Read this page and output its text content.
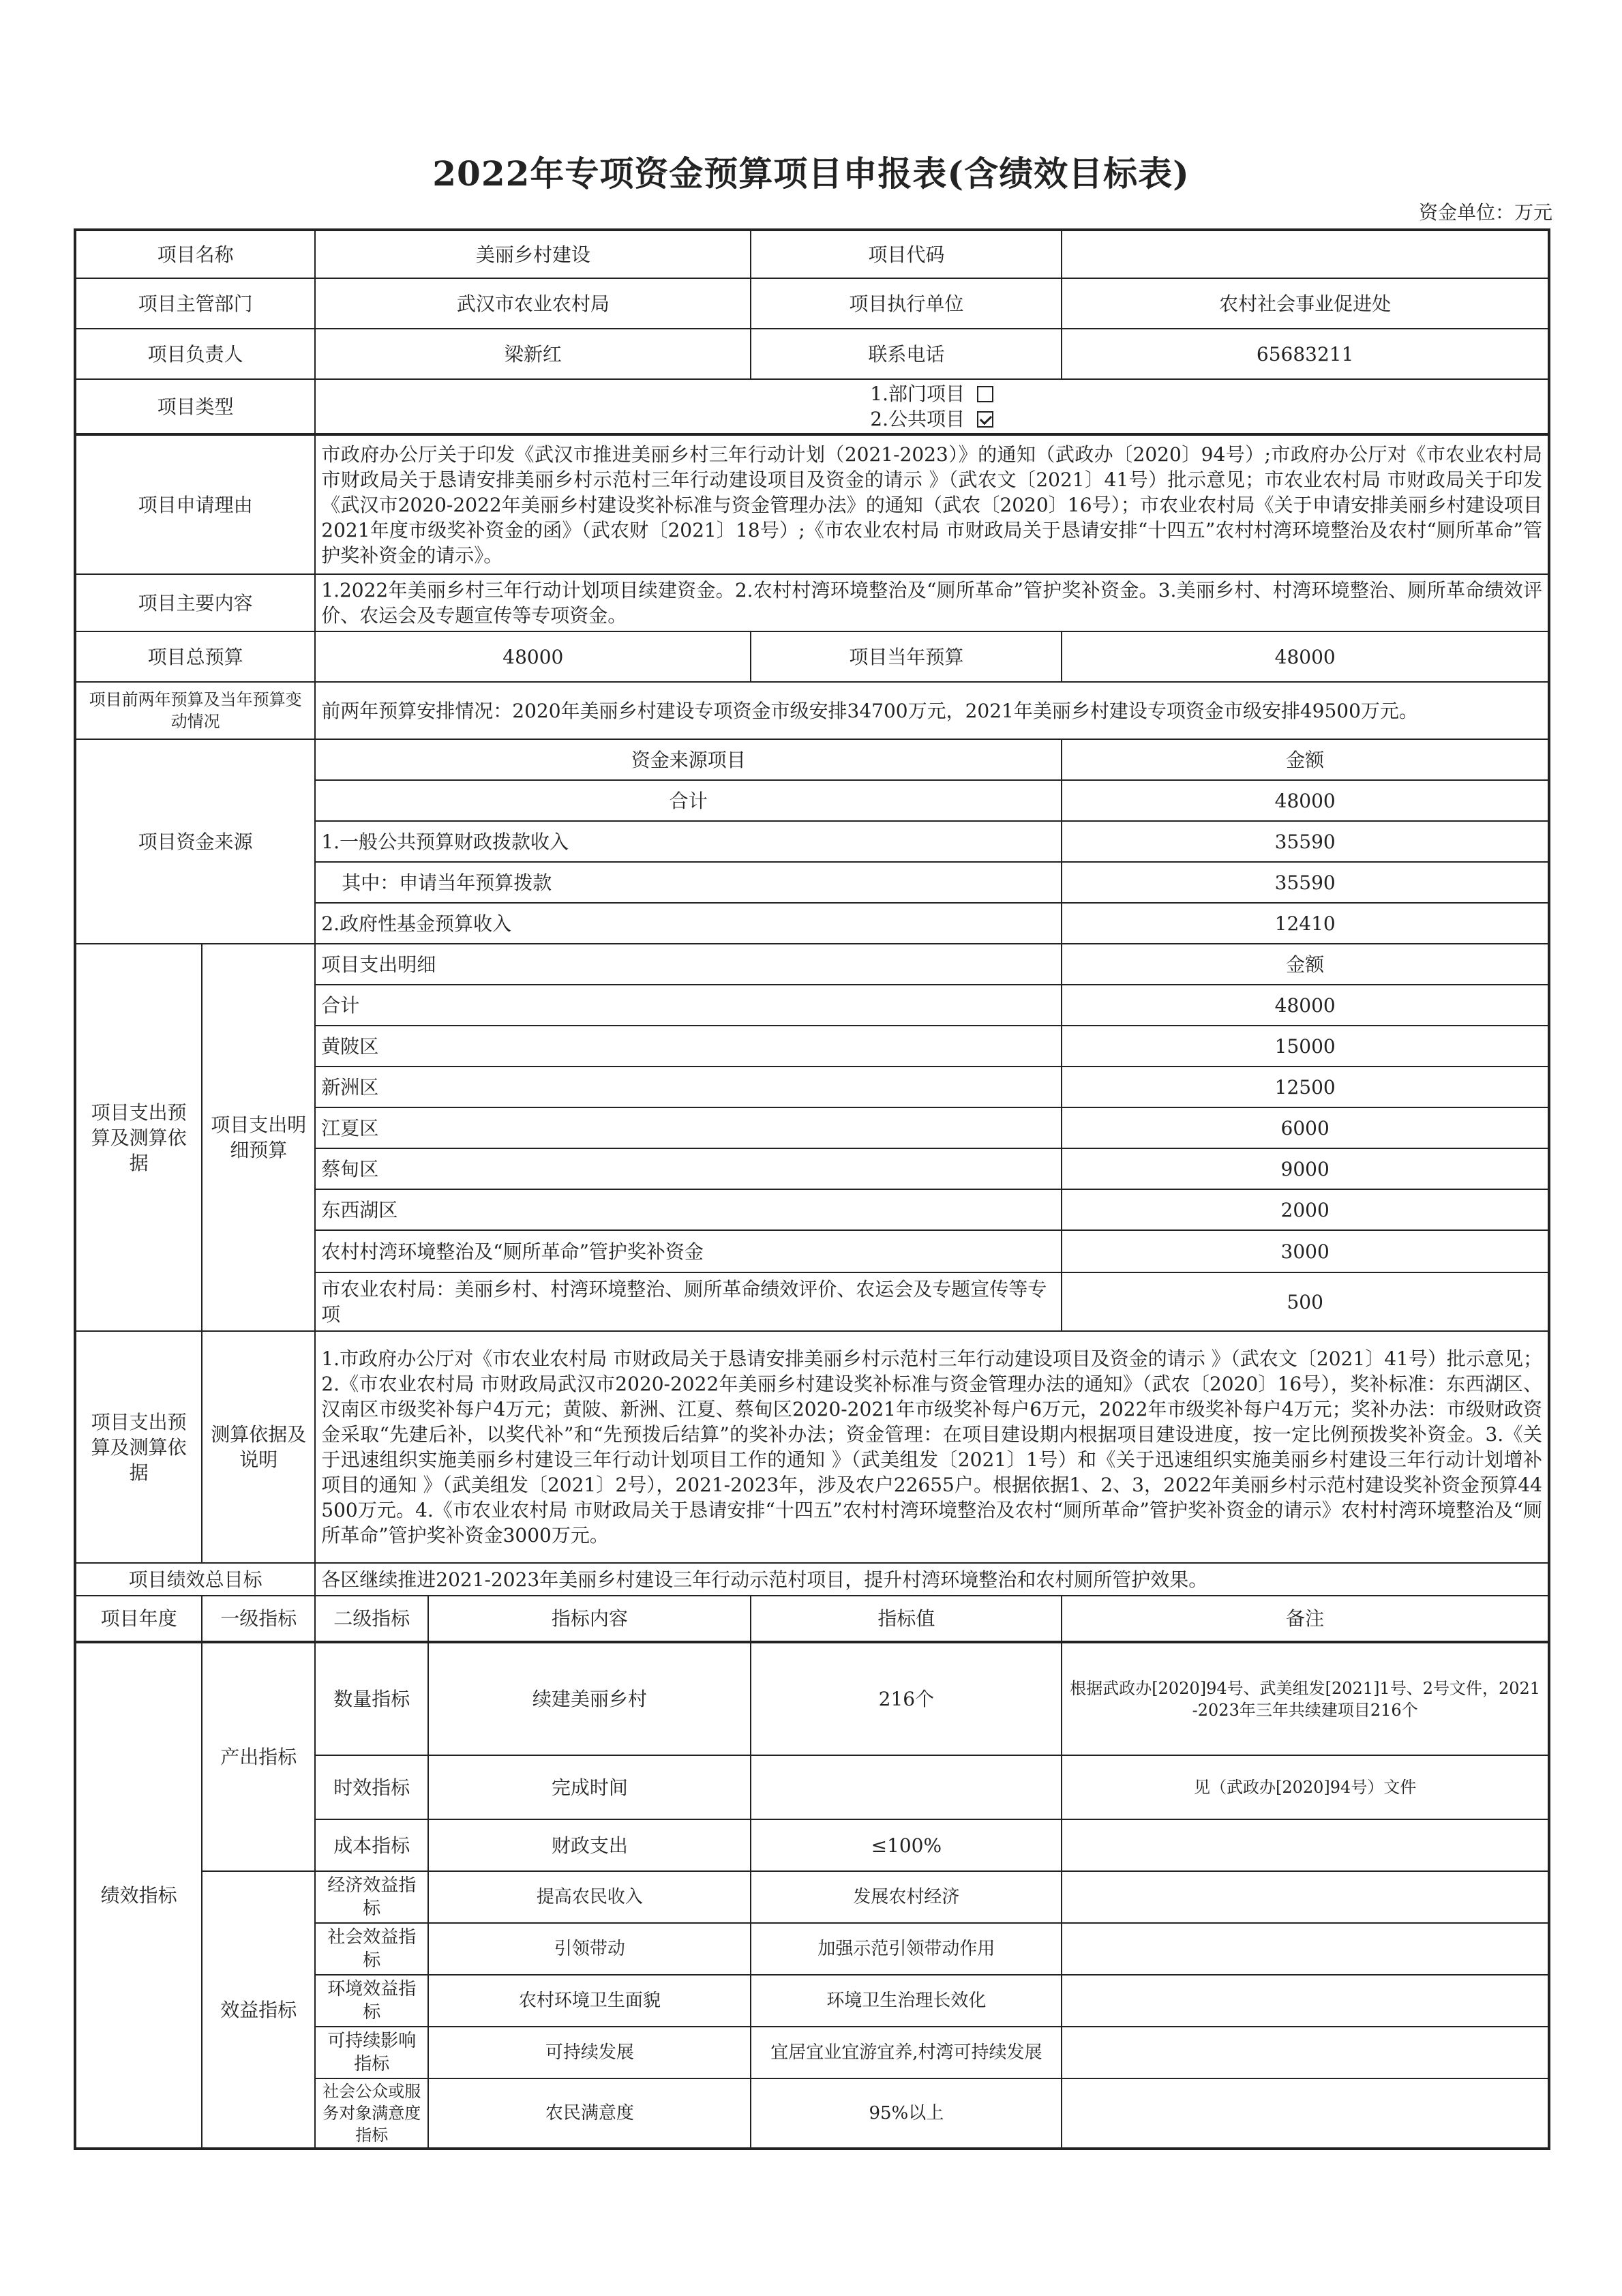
2022年专项资金预算项目申报表(含绩效目标表)
资金单位：万元
项目名称		美丽乡村建设		项目代码	
项目主管部门		武汉市农业农村局		项目执行单位	农村社会事业促进处
项目负责人		梁新红		联系电话	65683211
项目类型		1.部门项目2.公共项目			
项目申请理由		市政府办公厅关于印发《武汉市推进美丽乡村三年行动计划（2021-2023）》的通知（武政办〔2020〕94号）;市政府办公厅对《市农业农村局 市财政局关于恳请安排美丽乡村示范村三年行动建设项目及资金的请示 》（武农文〔2021〕41号）批示意见；市农业农村局 市财政局关于印发《武汉市2020-2022年美丽乡村建设奖补标准与资金管理办法》的通知（武农〔2020〕16号）；市农业农村局《关于申请安排美丽乡村建设项目2021年度市级奖补资金的函》（武农财〔2021〕18号）;《市农业农村局 市财政局关于恳请安排“十四五”农村村湾环境整治及农村“厕所革命”管护奖补资金的请示》。			
项目主要内容		1.2022年美丽乡村三年行动计划项目续建资金。2.农村村湾环境整治及“厕所革命”管护奖补资金。3.美丽乡村、村湾环境整治、厕所革命绩效评价、农运会及专题宣传等专项资金。			
项目总预算		48000		项目当年预算	48000
项目前两年预算及当年预算变动情况		前两年预算安排情况：2020年美丽乡村建设专项资金市级安排34700万元，2021年美丽乡村建设专项资金市级安排49500万元。			
项目资金来源		资金来源项目			金额
		合计			48000
		1.一般公共预算财政拨款收入			35590
		其中：申请当年预算拨款			35590
		2.政府性基金预算收入			12410
项目支出预算及测算依据	项目支出明细预算	项目支出明细			金额
		合计			48000
		黄陂区			15000
		新洲区			12500
		江夏区			6000
		蔡甸区			9000
		东西湖区			2000
		农村村湾环境整治及“厕所革命”管护奖补资金			3000
		市农业农村局：美丽乡村、村湾环境整治、厕所革命绩效评价、农运会及专题宣传等专项			500
项目支出预算及测算依据	测算依据及说明	1.市政府办公厅对《市农业农村局 市财政局关于恳请安排美丽乡村示范村三年行动建设项目及资金的请示 》（武农文〔2021〕41号）批示意见；2.《市农业农村局 市财政局武汉市2020-2022年美丽乡村建设奖补标准与资金管理办法的通知》（武农〔2020〕16号），奖补标准：东西湖区、汉南区市级奖补每户4万元；黄陂、新洲、江夏、蔡甸区2020-2021年市级奖补每户6万元，2022年市级奖补每户4万元；奖补办法：市级财政资金采取“先建后补，以奖代补”和“先预拨后结算”的奖补办法；资金管理：在项目建设期内根据项目建设进度，按一定比例预拨奖补资金。3.《关于迅速组织实施美丽乡村建设三年行动计划项目工作的通知 》（武美组发〔2021〕1号）和《关于迅速组织实施美丽乡村建设三年行动计划增补项目的通知 》（武美组发〔2021〕2号），2021-2023年，涉及农户22655户。根据依据1、2、3，2022年美丽乡村示范村建设奖补资金预算44500万元。4.《市农业农村局 市财政局关于恳请安排“十四五”农村村湾环境整治及农村“厕所革命”管护奖补资金的请示》农村村湾环境整治及“厕所革命”管护奖补资金3000万元。			
项目绩效总目标		各区继续推进2021-2023年美丽乡村建设三年行动示范村项目，提升村湾环境整治和农村厕所管护效果。			
项目年度	一级指标	二级指标	指标内容	指标值	备注
绩效指标	产出指标	数量指标	续建美丽乡村	216个	根据武政办[2020]94号、武美组发[2021]1号、2号文件，2021-2023年三年共续建项目216个
		时效指标	完成时间		见（武政办[2020]94号）文件
		成本指标	财政支出	≤100%	
	效益指标	经济效益指标	提高农民收入	发展农村经济	
		社会效益指标	引领带动	加强示范引领带动作用	
		环境效益指标	农村环境卫生面貌	环境卫生治理长效化	
		可持续影响指标	可持续发展	宜居宜业宜游宜养,村湾可持续发展	
		社会公众或服务对象满意度指标	农民满意度	95%以上	
